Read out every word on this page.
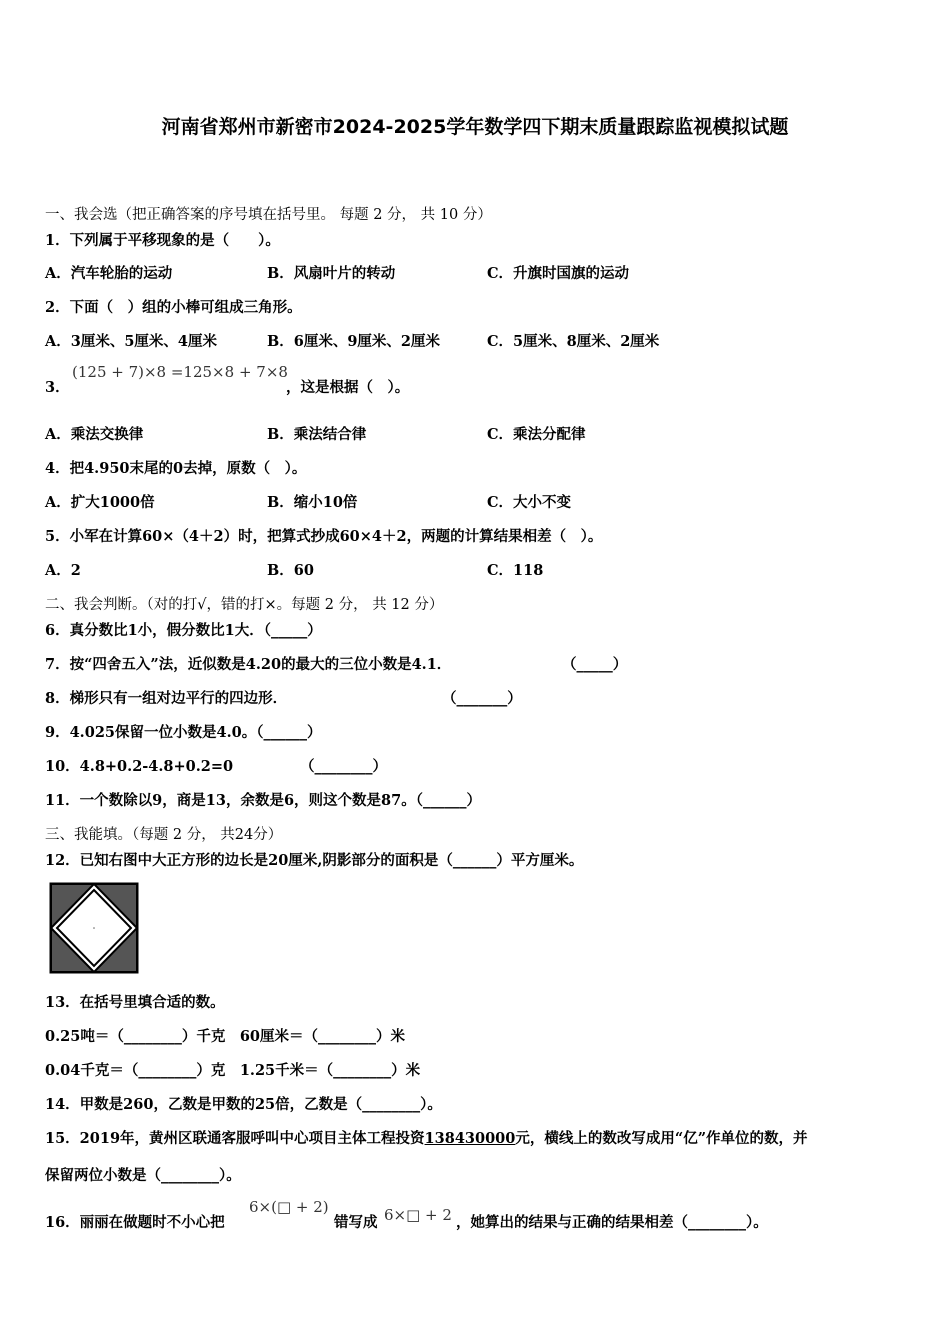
河南省郑州市新密市2024-2025学年数学四下期末质量跟踪监视模拟试题
一、我会选（把正确答案的序号填在括号里。 每题 2 分， 共 10 分）
1．下列属于平移现象的是（　　）。
A．汽车轮胎的运动	B．风扇叶片的转动	C．升旗时国旗的运动
2．下面（　）组的小棒可组成三角形。
A．3厘米、5厘米、4厘米	B．6厘米、9厘米、2厘米	C．5厘米、8厘米、2厘米
3．
(125 + 7)×8 =125×8 + 7×8
，这是根据（　）。
A．乘法交换律	B．乘法结合律	C．乘法分配律
4．把4.950末尾的0去掉，原数（　）。
A．扩大1000倍	B．缩小10倍	C．大小不变
5．小军在计算60×（4＋2）时，把算式抄成60×4＋2，两题的计算结果相差（　）。
A．2	B．60	C．118
二、我会判断。（对的打√，错的打×。每题 2 分， 共 12 分）
6．真分数比1小，假分数比1大．（_____）
7．按“四舍五入”法，近似数是4.20的最大的三位小数是4.1．	（_____）
8．梯形只有一组对边平行的四边形．	（_______）
9．4.025保留一位小数是4.0。（______）
10．4.8+0.2-4.8+0.2=0	（________）
11．一个数除以9，商是13，余数是6，则这个数是87。（______）
三、我能填。（每题 2 分， 共24分）
12．已知右图中大正方形的边长是20厘米,阴影部分的面积是（______）平方厘米。
13．在括号里填合适的数。
0.25吨＝（________）千克　60厘米＝（________）米
0.04千克＝（________）克　1.25千米＝（________）米
14．甲数是260，乙数是甲数的25倍，乙数是（________）。
15．2019年，黄州区联通客服呼叫中心项目主体工程投资138430000元，横线上的数改写成用“亿”作单位的数，并
保留两位小数是（________）。
16．丽丽在做题时不小心把
6×(□ + 2)
错写成 6×□ + 2 ，她算出的结果与正确的结果相差（________）。
